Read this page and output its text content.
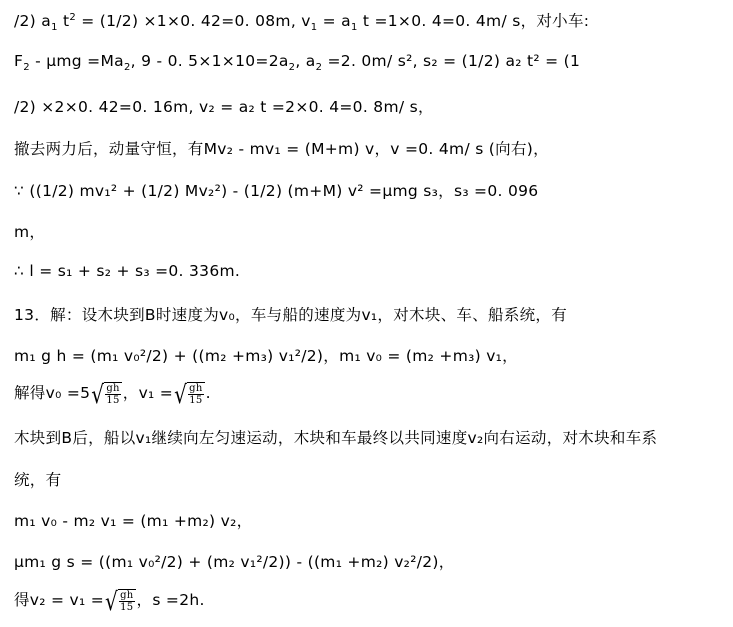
/2) $a_1$ $t^2 = (1/2) \times 1\times 0$. 42=0. 08m, $v_1 = a_1$ t =1×0. 4=0. 4m/ s，对小车:
$F_2 - \mu mg =Ma_2$, 9 - 0. $5\times 1\times 10=2a_2$, $a_2 =2$. 0m/ s², s₂ = (1/2) a₂ t² = (1
/2) ×2×0. 42=0. 16m, v₂ = a₂ t =2×0. 4=0. 8m/ s，
撤去两力后，动量守恒，有Mv₂ - mv₁ = (M+m) v，v =0. 4m/ s (向右)，
∵ ((1/2) mv₁² + (1/2) Mv₂²) - (1/2) (m+M) v² =μmg s₃，s₃ =0. 096
m，
∴ l = s₁ + s₂ + s₃ =0. 336m.
13．解：设木块到B时速度为v₀，车与船的速度为v₁，对木块、车、船系统，有
m₁ g h = (m₁ v₀²/2) + ((m₂ +m₃) v₁²/2)，m₁ v₀ = (m₂ +m₃) v₁，
解得v₀ =5 √ $\frac{gh}{15}$ ，v₁ = √ $\frac{gh}{15}$ .
木块到B后，船以v₁继续向左匀速运动，木块和车最终以共同速度v₂向右运动，对木块和车系
统，有
m₁ v₀ - m₂ v₁ = (m₁ +m₂) v₂，
μm₁ g s = ((m₁ v₀²/2) + (m₂ v₁²/2)) - ((m₁ +m₂) v₂²/2)，
得v₂ = v₁ = √ $\frac{gh}{15}$ ，s =2h.
